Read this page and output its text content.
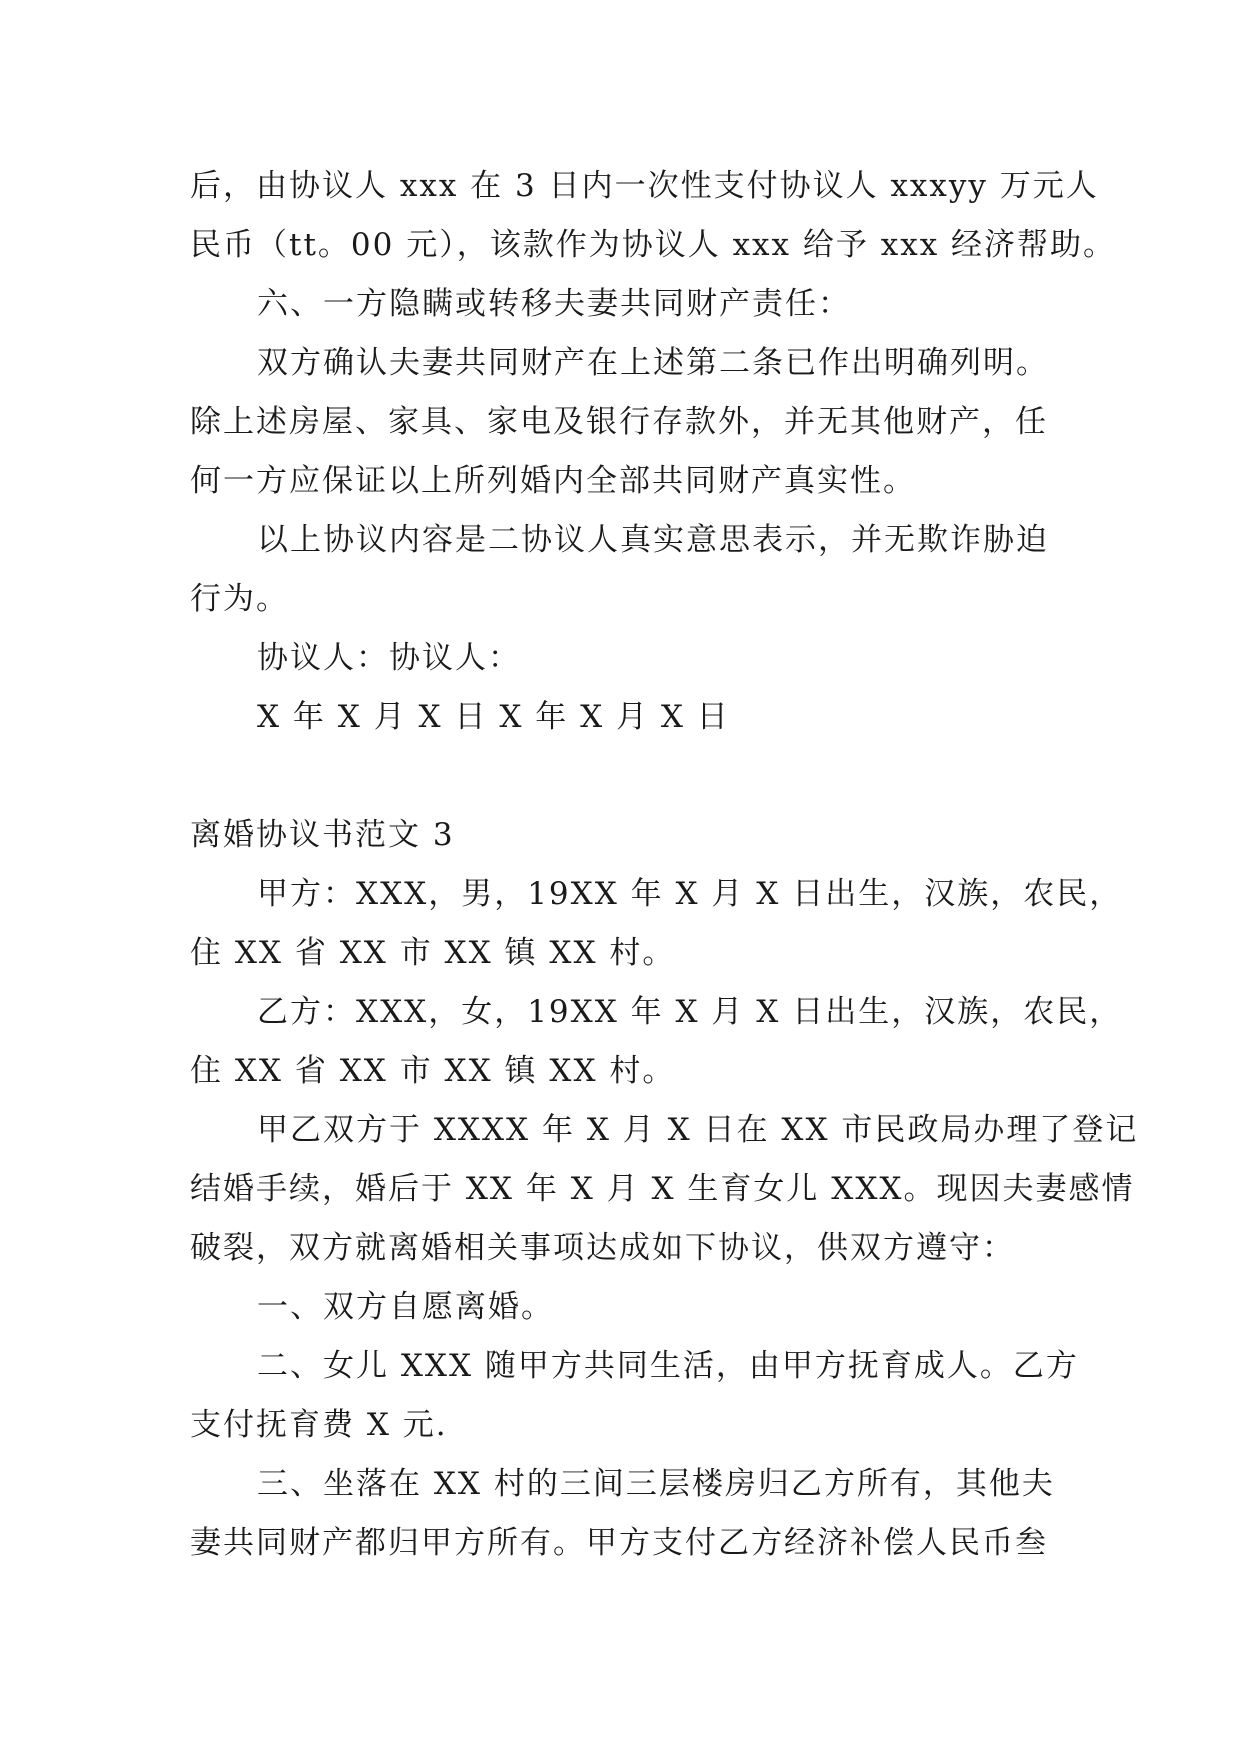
后，由协议人 xxx 在 3 日内一次性支付协议人 xxxyy 万元人
民币（tt。00 元），该款作为协议人 xxx 给予 xxx 经济帮助。
六、一方隐瞒或转移夫妻共同财产责任：
双方确认夫妻共同财产在上述第二条已作出明确列明。
除上述房屋、家具、家电及银行存款外，并无其他财产，任
何一方应保证以上所列婚内全部共同财产真实性。
以上协议内容是二协议人真实意思表示，并无欺诈胁迫
行为。
协议人：协议人：
X 年 X 月 X 日 X 年 X 月 X 日
离婚协议书范文 3
甲方：XXX，男，19XX 年 X 月 X 日出生，汉族，农民，
住 XX 省 XX 市 XX 镇 XX 村。
乙方：XXX，女，19XX 年 X 月 X 日出生，汉族，农民，
住 XX 省 XX 市 XX 镇 XX 村。
甲乙双方于 XXXX 年 X 月 X 日在 XX 市民政局办理了登记
结婚手续，婚后于 XX 年 X 月 X 生育女儿 XXX。现因夫妻感情
破裂，双方就离婚相关事项达成如下协议，供双方遵守：
一、双方自愿离婚。
二、女儿 XXX 随甲方共同生活，由甲方抚育成人。乙方
支付抚育费 X 元.
三、坐落在 XX 村的三间三层楼房归乙方所有，其他夫
妻共同财产都归甲方所有。甲方支付乙方经济补偿人民币叁
